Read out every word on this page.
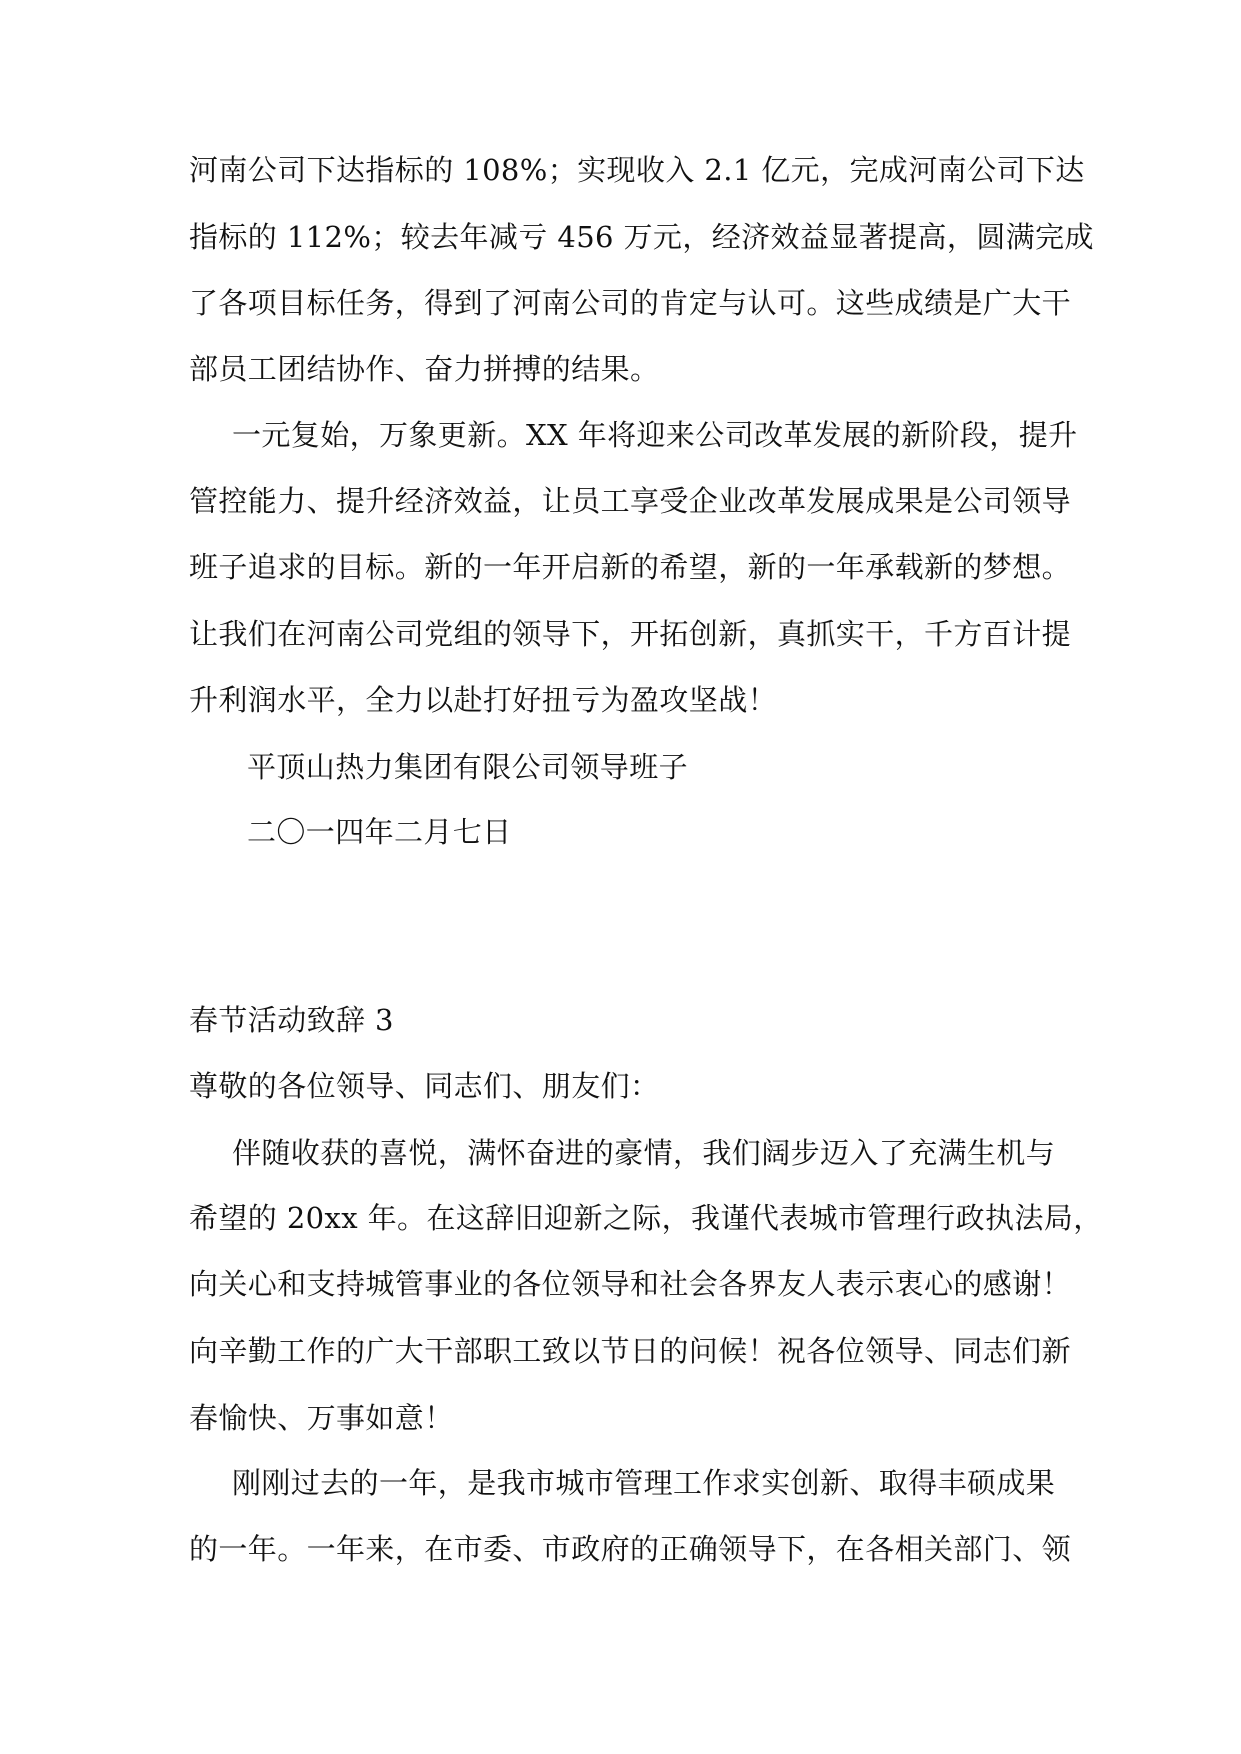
河南公司下达指标的 108%；实现收入 2.1 亿元，完成河南公司下达
指标的 112%；较去年减亏 456 万元，经济效益显著提高，圆满完成
了各项目标任务，得到了河南公司的肯定与认可。这些成绩是广大干
部员工团结协作、奋力拼搏的结果。
一元复始，万象更新。XX 年将迎来公司改革发展的新阶段，提升
管控能力、提升经济效益，让员工享受企业改革发展成果是公司领导
班子追求的目标。新的一年开启新的希望，新的一年承载新的梦想。
让我们在河南公司党组的领导下，开拓创新，真抓实干，千方百计提
升利润水平，全力以赴打好扭亏为盈攻坚战！
平顶山热力集团有限公司领导班子
二〇一四年二月七日
春节活动致辞 3
尊敬的各位领导、同志们、朋友们：
伴随收获的喜悦，满怀奋进的豪情，我们阔步迈入了充满生机与
希望的 20xx 年。在这辞旧迎新之际，我谨代表城市管理行政执法局，
向关心和支持城管事业的各位领导和社会各界友人表示衷心的感谢！
向辛勤工作的广大干部职工致以节日的问候！祝各位领导、同志们新
春愉快、万事如意！
刚刚过去的一年，是我市城市管理工作求实创新、取得丰硕成果
的一年。一年来，在市委、市政府的正确领导下，在各相关部门、领
